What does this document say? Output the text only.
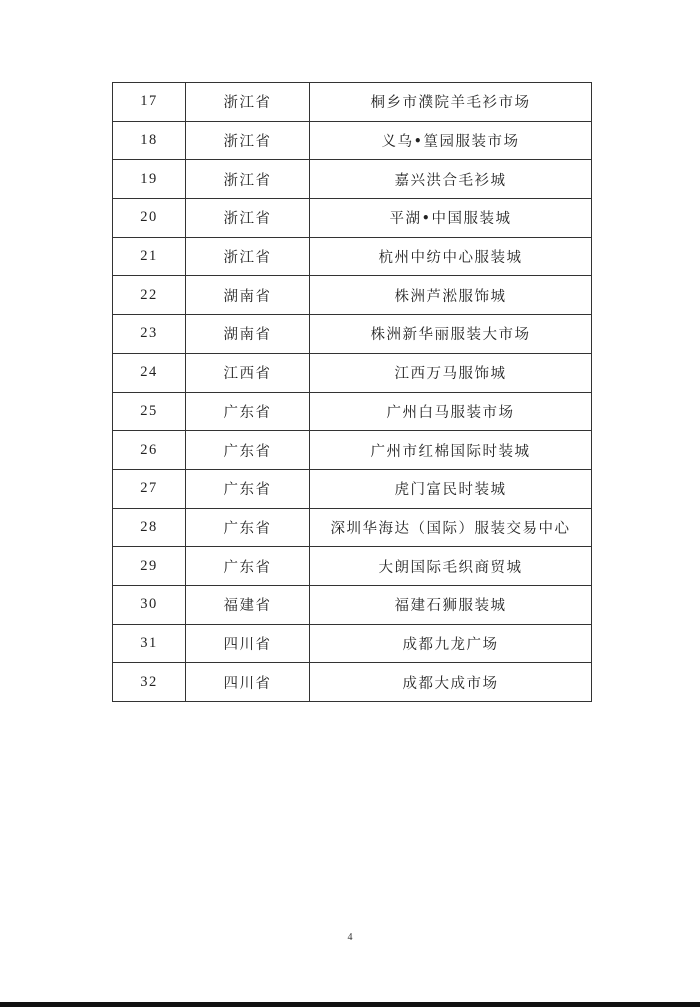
17	浙江省	桐乡市濮院羊毛衫市场
18	浙江省	义乌•篁园服装市场
19	浙江省	嘉兴洪合毛衫城
20	浙江省	平湖•中国服装城
21	浙江省	杭州中纺中心服装城
22	湖南省	株洲芦淞服饰城
23	湖南省	株洲新华丽服装大市场
24	江西省	江西万马服饰城
25	广东省	广州白马服装市场
26	广东省	广州市红棉国际时装城
27	广东省	虎门富民时装城
28	广东省	深圳华海达（国际）服装交易中心
29	广东省	大朗国际毛织商贸城
30	福建省	福建石狮服装城
31	四川省	成都九龙广场
32	四川省	成都大成市场
4
